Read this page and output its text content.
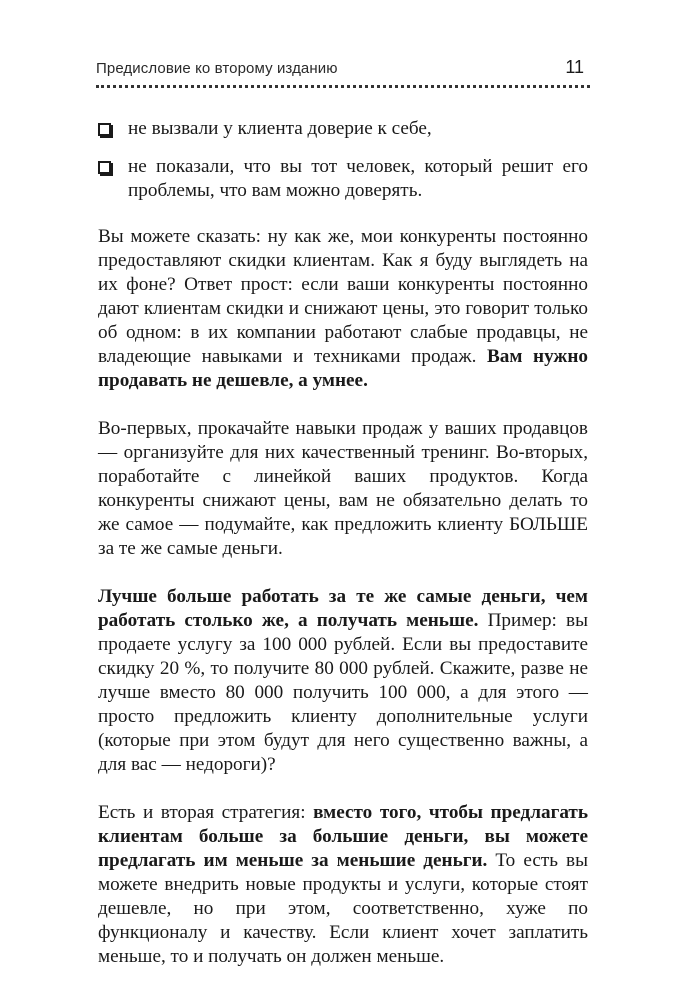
Предисловие ко второму изданию	11
не вызвали у клиента доверие к себе,
не показали, что вы тот человек, который решит его проблемы, что вам можно доверять.

Вы можете сказать: ну как же, мои конкуренты постоянно предоставляют скидки клиентам. Как я буду выглядеть на их фоне? Ответ прост: если ваши конкуренты постоянно дают клиентам скидки и снижают цены, это говорит только об одном: в их компании работают слабые продавцы, не владеющие навыками и техниками продаж. Вам нужно продавать не дешевле, а умнее.

Во-первых, прокачайте навыки продаж у ваших продавцов — организуйте для них качественный тренинг. Во-вторых, поработайте с линейкой ваших продуктов. Когда конкуренты снижают цены, вам не обязательно делать то же самое — подумайте, как предложить клиенту БОЛЬШЕ за те же самые деньги.

Лучше больше работать за те же самые деньги, чем работать столько же, а получать меньше. Пример: вы продаете услугу за 100 000 рублей. Если вы предоставите скидку 20 %, то получите 80 000 рублей. Скажите, разве не лучше вместо 80 000 получить 100 000, а для этого — просто предложить клиенту дополнительные услуги (которые при этом будут для него существенно важны, а для вас — недороги)?

Есть и вторая стратегия: вместо того, чтобы предлагать клиентам больше за большие деньги, вы можете предлагать им меньше за меньшие деньги. То есть вы можете внедрить новые продукты и услуги, которые стоят дешевле, но при этом, соответственно, хуже по функционалу и качеству. Если клиент хочет заплатить меньше, то и получать он должен меньше.
